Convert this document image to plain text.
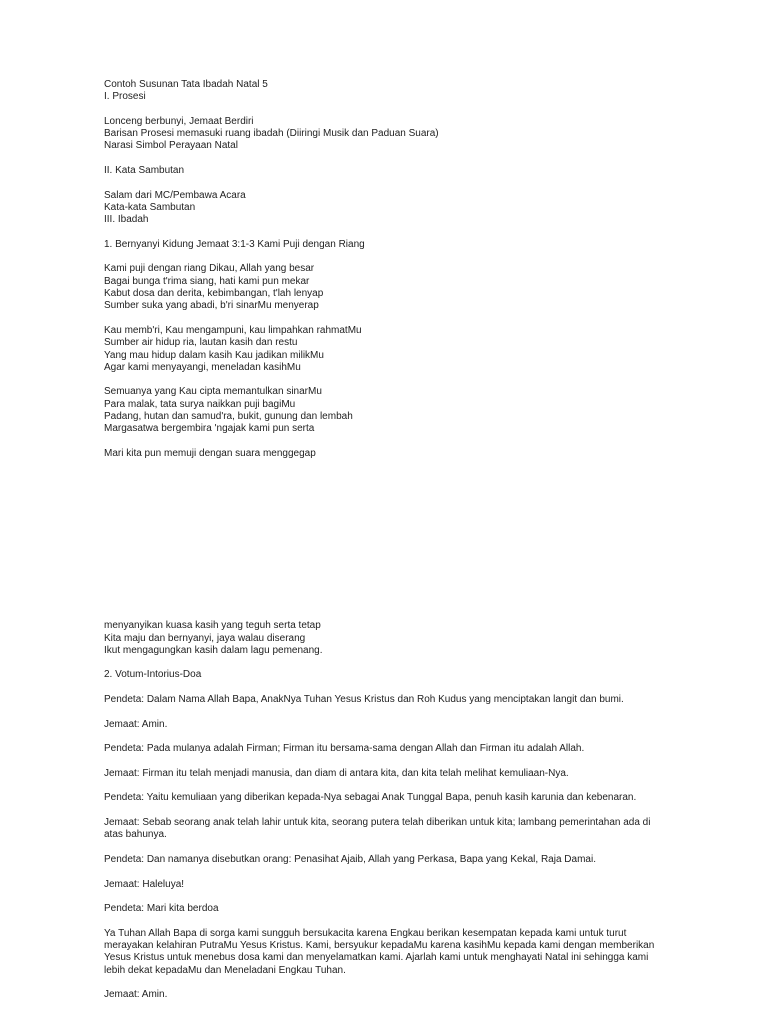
Contoh Susunan Tata Ibadah Natal 5
I. Prosesi

Lonceng berbunyi, Jemaat Berdiri
Barisan Prosesi memasuki ruang ibadah (Diiringi Musik dan Paduan Suara)
Narasi Simbol Perayaan Natal

II. Kata Sambutan

Salam dari MC/Pembawa Acara
Kata-kata Sambutan
III. Ibadah

1. Bernyanyi Kidung Jemaat 3:1-3 Kami Puji dengan Riang

Kami puji dengan riang Dikau, Allah yang besar
Bagai bunga t'rima siang, hati kami pun mekar
Kabut dosa dan derita, kebimbangan, t'lah lenyap
Sumber suka yang abadi, b'ri sinarMu menyerap

Kau memb'ri, Kau mengampuni, kau limpahkan rahmatMu
Sumber air hidup ria, lautan kasih dan restu
Yang mau hidup dalam kasih Kau jadikan milikMu
Agar kami menyayangi, meneladan kasihMu

Semuanya yang Kau cipta memantulkan sinarMu
Para malak, tata surya naikkan puji bagiMu
Padang, hutan dan samud'ra, bukit, gunung dan lembah
Margasatwa bergembira 'ngajak kami pun serta

Mari kita pun memuji dengan suara menggegap

menyanyikan kuasa kasih yang teguh serta tetap
Kita maju dan bernyanyi, jaya walau diserang
Ikut mengagungkan kasih dalam lagu pemenang.

2. Votum-Intorius-Doa

Pendeta: Dalam Nama Allah Bapa, AnakNya Tuhan Yesus Kristus dan Roh Kudus yang menciptakan langit dan bumi.

Jemaat: Amin.

Pendeta: Pada mulanya adalah Firman; Firman itu bersama-sama dengan Allah dan Firman itu adalah Allah.

Jemaat: Firman itu telah menjadi manusia, dan diam di antara kita, dan kita telah melihat kemuliaan-Nya.

Pendeta: Yaitu kemuliaan yang diberikan kepada-Nya sebagai Anak Tunggal Bapa, penuh kasih karunia dan kebenaran.

Jemaat: Sebab seorang anak telah lahir untuk kita, seorang putera telah diberikan untuk kita; lambang pemerintahan ada di atas bahunya.

Pendeta: Dan namanya disebutkan orang: Penasihat Ajaib, Allah yang Perkasa, Bapa yang Kekal, Raja Damai.

Jemaat: Haleluya!

Pendeta: Mari kita berdoa

Ya Tuhan Allah Bapa di sorga kami sungguh bersukacita karena Engkau berikan kesempatan kepada kami untuk turut merayakan kelahiran PutraMu Yesus Kristus. Kami, bersyukur kepadaMu karena kasihMu kepada kami dengan memberikan Yesus Kristus untuk menebus dosa kami dan menyelamatkan kami. Ajarlah kami untuk menghayati Natal ini sehingga kami lebih dekat kepadaMu dan Meneladani Engkau Tuhan.

Jemaat: Amin.
